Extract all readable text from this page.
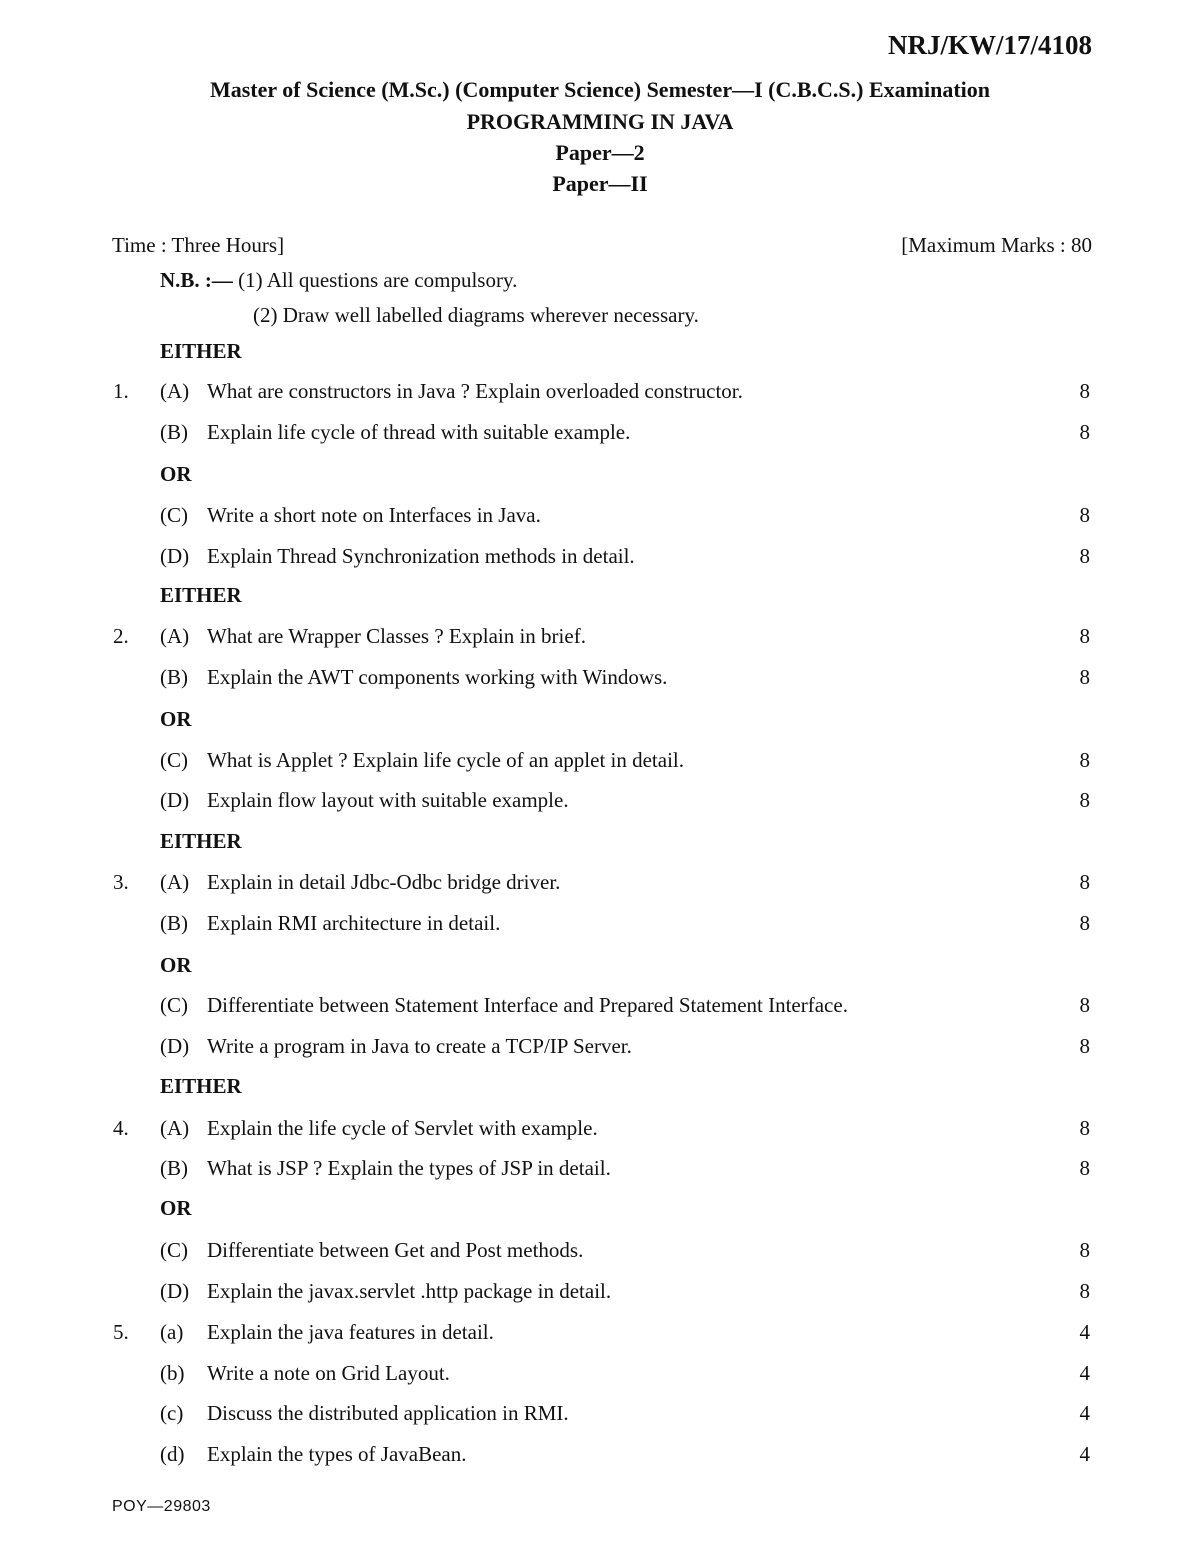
NRJ/KW/17/4108
Master of Science (M.Sc.) (Computer Science) Semester—I (C.B.C.S.) Examination
PROGRAMMING IN JAVA
Paper—2
Paper—II
Time : Three Hours]	[Maximum Marks : 80
N.B. :— (1) All questions are compulsory.
(2) Draw well labelled diagrams wherever necessary.
EITHER
1. (A) What are constructors in Java ? Explain overloaded constructor.	8
(B) Explain life cycle of thread with suitable example.	8
OR
(C) Write a short note on Interfaces in Java.	8
(D) Explain Thread Synchronization methods in detail.	8
EITHER
2. (A) What are Wrapper Classes ? Explain in brief.	8
(B) Explain the AWT components working with Windows.	8
OR
(C) What is Applet ? Explain life cycle of an applet in detail.	8
(D) Explain flow layout with suitable example.	8
EITHER
3. (A) Explain in detail Jdbc-Odbc bridge driver.	8
(B) Explain RMI architecture in detail.	8
OR
(C) Differentiate between Statement Interface and Prepared Statement Interface.	8
(D) Write a program in Java to create a TCP/IP Server.	8
EITHER
4. (A) Explain the life cycle of Servlet with example.	8
(B) What is JSP ? Explain the types of JSP in detail.	8
OR
(C) Differentiate between Get and Post methods.	8
(D) Explain the javax.servlet .http package in detail.	8
5. (a)	Explain the java features in detail.	4
(b)	Write a note on Grid Layout.	4
(c)	Discuss the distributed application in RMI.	4
(d)	Explain the types of JavaBean.	4
POY—29803
